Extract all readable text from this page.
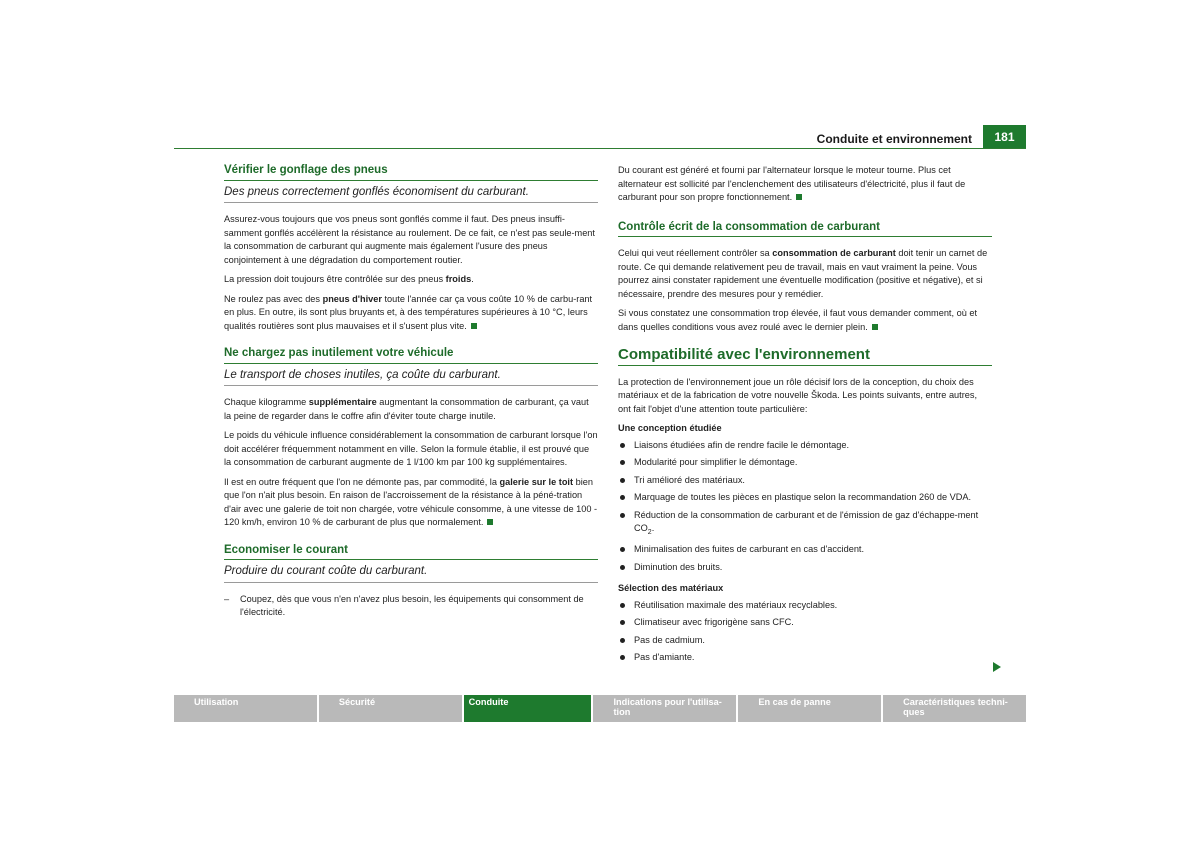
Conduite et environnement	181
Vérifier le gonflage des pneus
Des pneus correctement gonflés économisent du carburant.

Assurez-vous toujours que vos pneus sont gonflés comme il faut. Des pneus insuffi-samment gonflés accélèrent la résistance au roulement. De ce fait, ce n'est pas seule-ment la consommation de carburant qui augmente mais également l'usure des pneus conjointement à une dégradation du comportement routier.

La pression doit toujours être contrôlée sur des pneus froids.

Ne roulez pas avec des pneus d'hiver toute l'année car ça vous coûte 10 % de carbu-rant en plus. En outre, ils sont plus bruyants et, à des températures supérieures à 10 °C, leurs qualités routières sont plus mauvaises et il s'usent plus vite.

Ne chargez pas inutilement votre véhicule
Le transport de choses inutiles, ça coûte du carburant.

Chaque kilogramme supplémentaire augmentant la consommation de carburant, ça vaut la peine de regarder dans le coffre afin d'éviter toute charge inutile.

Le poids du véhicule influence considérablement la consommation de carburant lorsque l'on doit accélérer fréquemment notamment en ville. Selon la formule établie, il est prouvé que la consommation de carburant augmente de 1 l/100 km par 100 kg supplémentaires.

Il est en outre fréquent que l'on ne démonte pas, par commodité, la galerie sur le toit bien que l'on n'ait plus besoin. En raison de l'accroissement de la résistance à la péné-tration d'air avec une galerie de toit non chargée, votre véhicule consomme, à une vitesse de 100 - 120 km/h, environ 10 % de carburant de plus que normalement.

Economiser le courant
Produire du courant coûte du carburant.
– Coupez, dès que vous n'en n'avez plus besoin, les équipements qui consomment de l'électricité.

Du courant est généré et fourni par l'alternateur lorsque le moteur tourne. Plus cet alternateur est sollicité par l'enclenchement des utilisateurs d'électricité, plus il faut de carburant pour son propre fonctionnement.

Contrôle écrit de la consommation de carburant

Celui qui veut réellement contrôler sa consommation de carburant doit tenir un carnet de route. Ce qui demande relativement peu de travail, mais en vaut vraiment la peine. Vous pourrez ainsi constater rapidement une éventuelle modification (positive et négative), et si nécessaire, prendre des mesures pour y remédier.

Si vous constatez une consommation trop élevée, il faut vous demander comment, où et dans quelles conditions vous avez roulé avec le dernier plein.

Compatibilité avec l'environnement

La protection de l'environnement joue un rôle décisif lors de la conception, du choix des matériaux et de la fabrication de votre nouvelle Škoda. Les points suivants, entre autres, ont fait l'objet d'une attention toute particulière:

Une conception étudiée
Liaisons étudiées afin de rendre facile le démontage.
Modularité pour simplifier le démontage.
Tri amélioré des matériaux.
Marquage de toutes les pièces en plastique selon la recommandation 260 de VDA.
Réduction de la consommation de carburant et de l'émission de gaz d'échappe-ment $CO_2$.
Minimalisation des fuites de carburant en cas d'accident.
Diminution des bruits.
Sélection des matériaux
Réutilisation maximale des matériaux recyclables.
Climatiseur avec frigorigène sans CFC.
Pas de cadmium.
Pas d'amiante.
Utilisation	Sécurité	Conduite	Indications pour l'utilisa-tion
En cas de panne	Caractéristiques techni-ques
